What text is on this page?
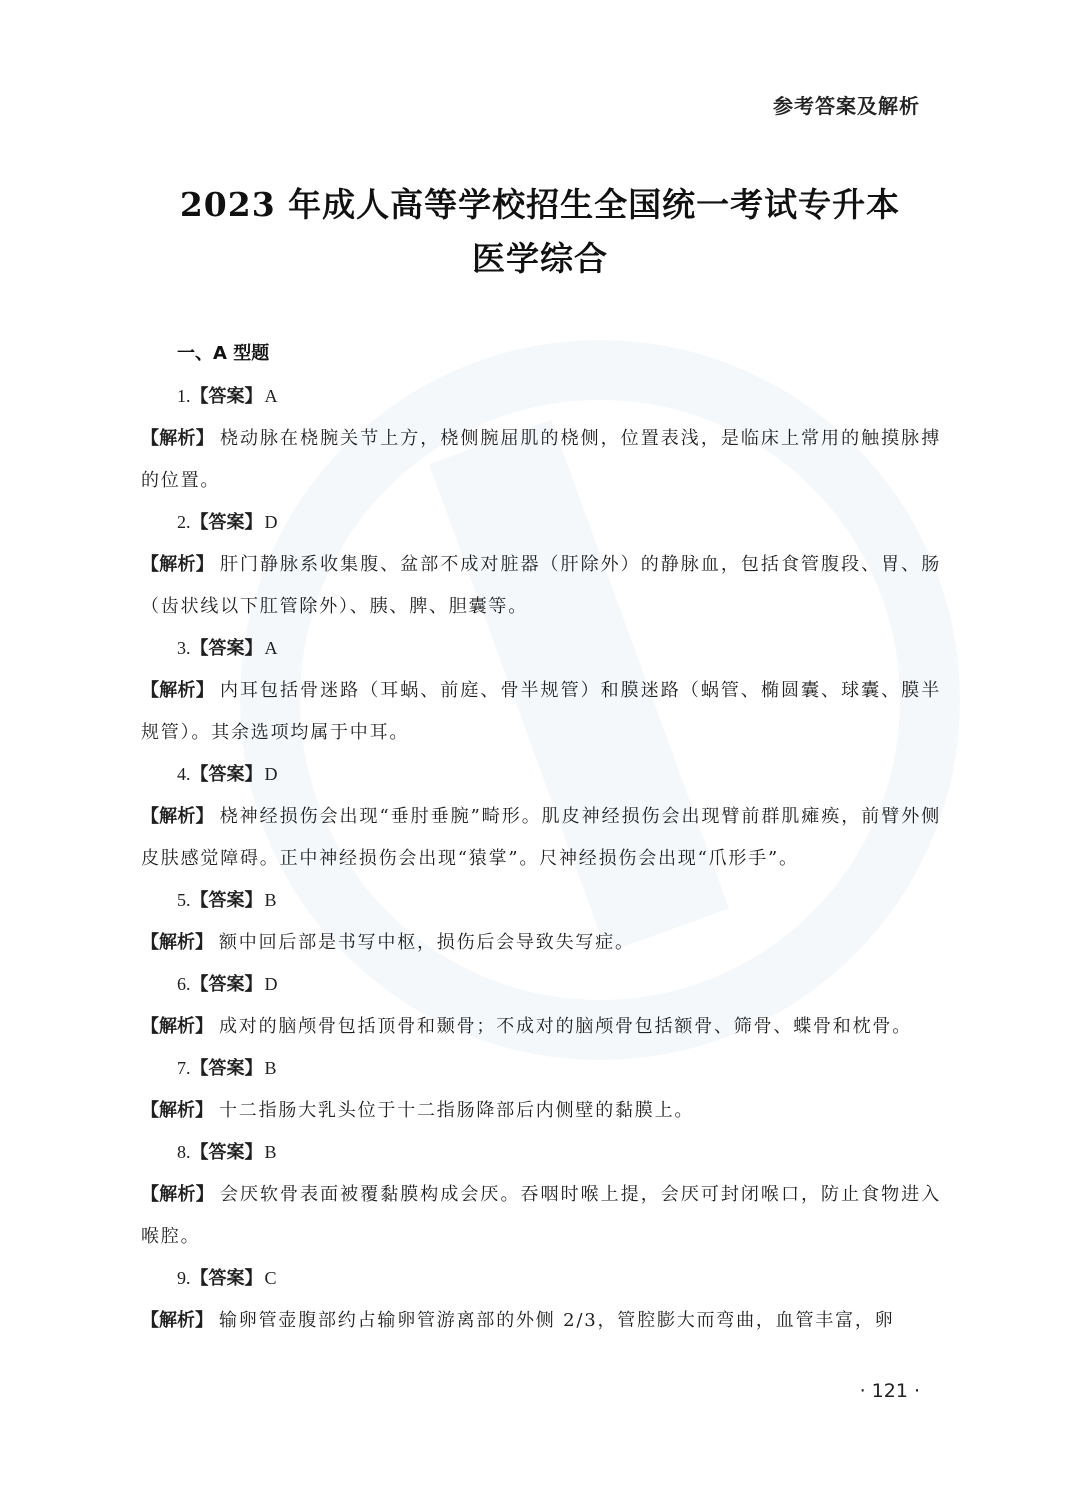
参考答案及解析
2023 年成人高等学校招生全国统一考试专升本
医学综合
一、A 型题
1.【答案】 A
【解析】 桡动脉在桡腕关节上方，桡侧腕屈肌的桡侧，位置表浅，是临床上常用的触摸脉搏的位置。
2.【答案】 D
【解析】 肝门静脉系收集腹、盆部不成对脏器（肝除外）的静脉血，包括食管腹段、胃、肠（齿状线以下肛管除外）、胰、脾、胆囊等。
3.【答案】 A
【解析】 内耳包括骨迷路（耳蜗、前庭、骨半规管）和膜迷路（蜗管、椭圆囊、球囊、膜半规管）。其余选项均属于中耳。
4.【答案】 D
【解析】 桡神经损伤会出现“垂肘垂腕”畸形。肌皮神经损伤会出现臂前群肌瘫痪，前臂外侧皮肤感觉障碍。正中神经损伤会出现“猿掌”。尺神经损伤会出现“爪形手”。
5.【答案】 B
【解析】 额中回后部是书写中枢，损伤后会导致失写症。
6.【答案】 D
【解析】 成对的脑颅骨包括顶骨和颞骨；不成对的脑颅骨包括额骨、筛骨、蝶骨和枕骨。
7.【答案】 B
【解析】 十二指肠大乳头位于十二指肠降部后内侧壁的黏膜上。
8.【答案】 B
【解析】 会厌软骨表面被覆黏膜构成会厌。吞咽时喉上提，会厌可封闭喉口，防止食物进入喉腔。
9.【答案】 C
【解析】 输卵管壶腹部约占输卵管游离部的外侧 2/3，管腔膨大而弯曲，血管丰富，卵
· 121 ·
